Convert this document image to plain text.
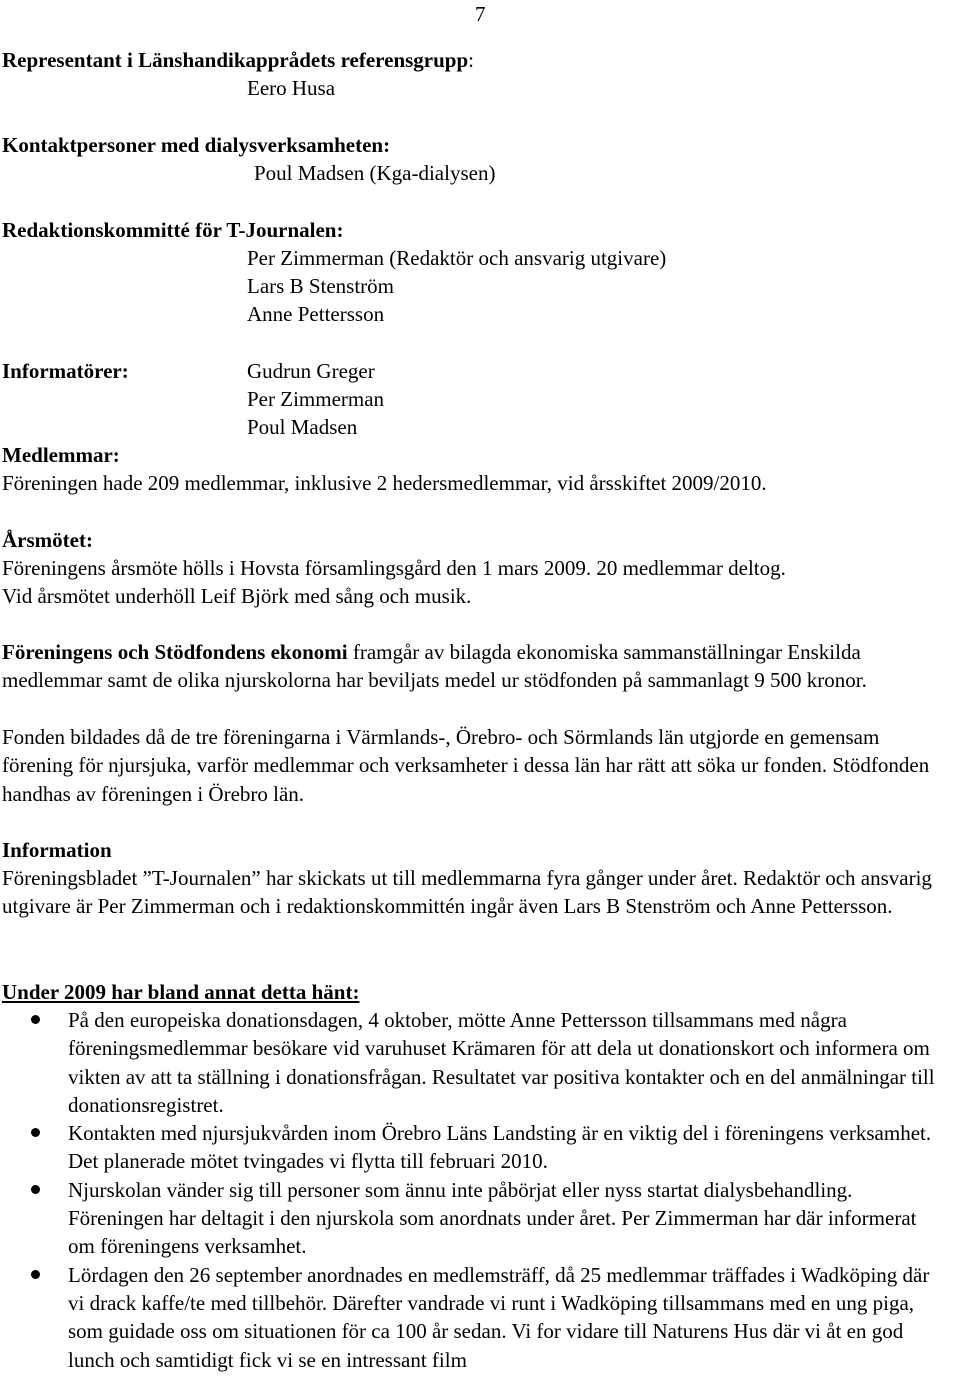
7
Representant i Länshandikapprådets referensgrupp:
Eero Husa
Kontaktpersoner med dialysverksamheten:
Poul Madsen (Kga-dialysen)
Redaktionskommitté för T-Journalen:
Per Zimmerman (Redaktör och ansvarig utgivare)
Lars B Stenström
Anne Pettersson
Informatörer:	Gudrun Greger
Per Zimmerman
Poul Madsen
Medlemmar:
Föreningen hade 209 medlemmar, inklusive 2 hedersmedlemmar, vid årsskiftet 2009/2010.
Årsmötet:
Föreningens årsmöte hölls i Hovsta församlingsgård den 1 mars 2009. 20 medlemmar deltog.
Vid årsmötet underhöll Leif Björk med sång och musik.

Föreningens och Stödfondens ekonomi framgår av bilagda ekonomiska sammanställningar Enskilda medlemmar samt de olika njurskolorna har beviljats medel ur stödfonden på sammanlagt 9 500 kronor.

Fonden bildades då de tre föreningarna i Värmlands-, Örebro- och Sörmlands län utgjorde en gemensam förening för njursjuka, varför medlemmar och verksamheter i dessa län har rätt att söka ur fonden. Stödfonden handhas av föreningen i Örebro län.

Information

Föreningsbladet ”T-Journalen” har skickats ut till medlemmarna fyra gånger under året. Redaktör och ansvarig utgivare är Per Zimmerman och i redaktionskommittén ingår även Lars B Stenström och Anne Pettersson.

Under 2009 har bland annat detta hänt:
På den europeiska donationsdagen, 4 oktober, mötte Anne Pettersson tillsammans med några föreningsmedlemmar besökare vid varuhuset Krämaren för att dela ut donationskort och informera om vikten av att ta ställning i donationsfrågan. Resultatet var positiva kontakter och en del anmälningar till donationsregistret.
Kontakten med njursjukvården inom Örebro Läns Landsting är en viktig del i föreningens verksamhet. Det planerade mötet tvingades vi flytta till februari 2010.
Njurskolan vänder sig till personer som ännu inte påbörjat eller nyss startat dialysbehandling. Föreningen har deltagit i den njurskola som anordnats under året. Per Zimmerman har där informerat om föreningens verksamhet.
Lördagen den 26 september anordnades en medlemsträff, då 25 medlemmar träffades i Wadköping där vi drack kaffe/te med tillbehör. Därefter vandrade vi runt i Wadköping tillsammans med en ung piga, som guidade oss om situationen för ca 100 år sedan. Vi for vidare till Naturens Hus där vi åt en god lunch och samtidigt fick vi se en intressant film
